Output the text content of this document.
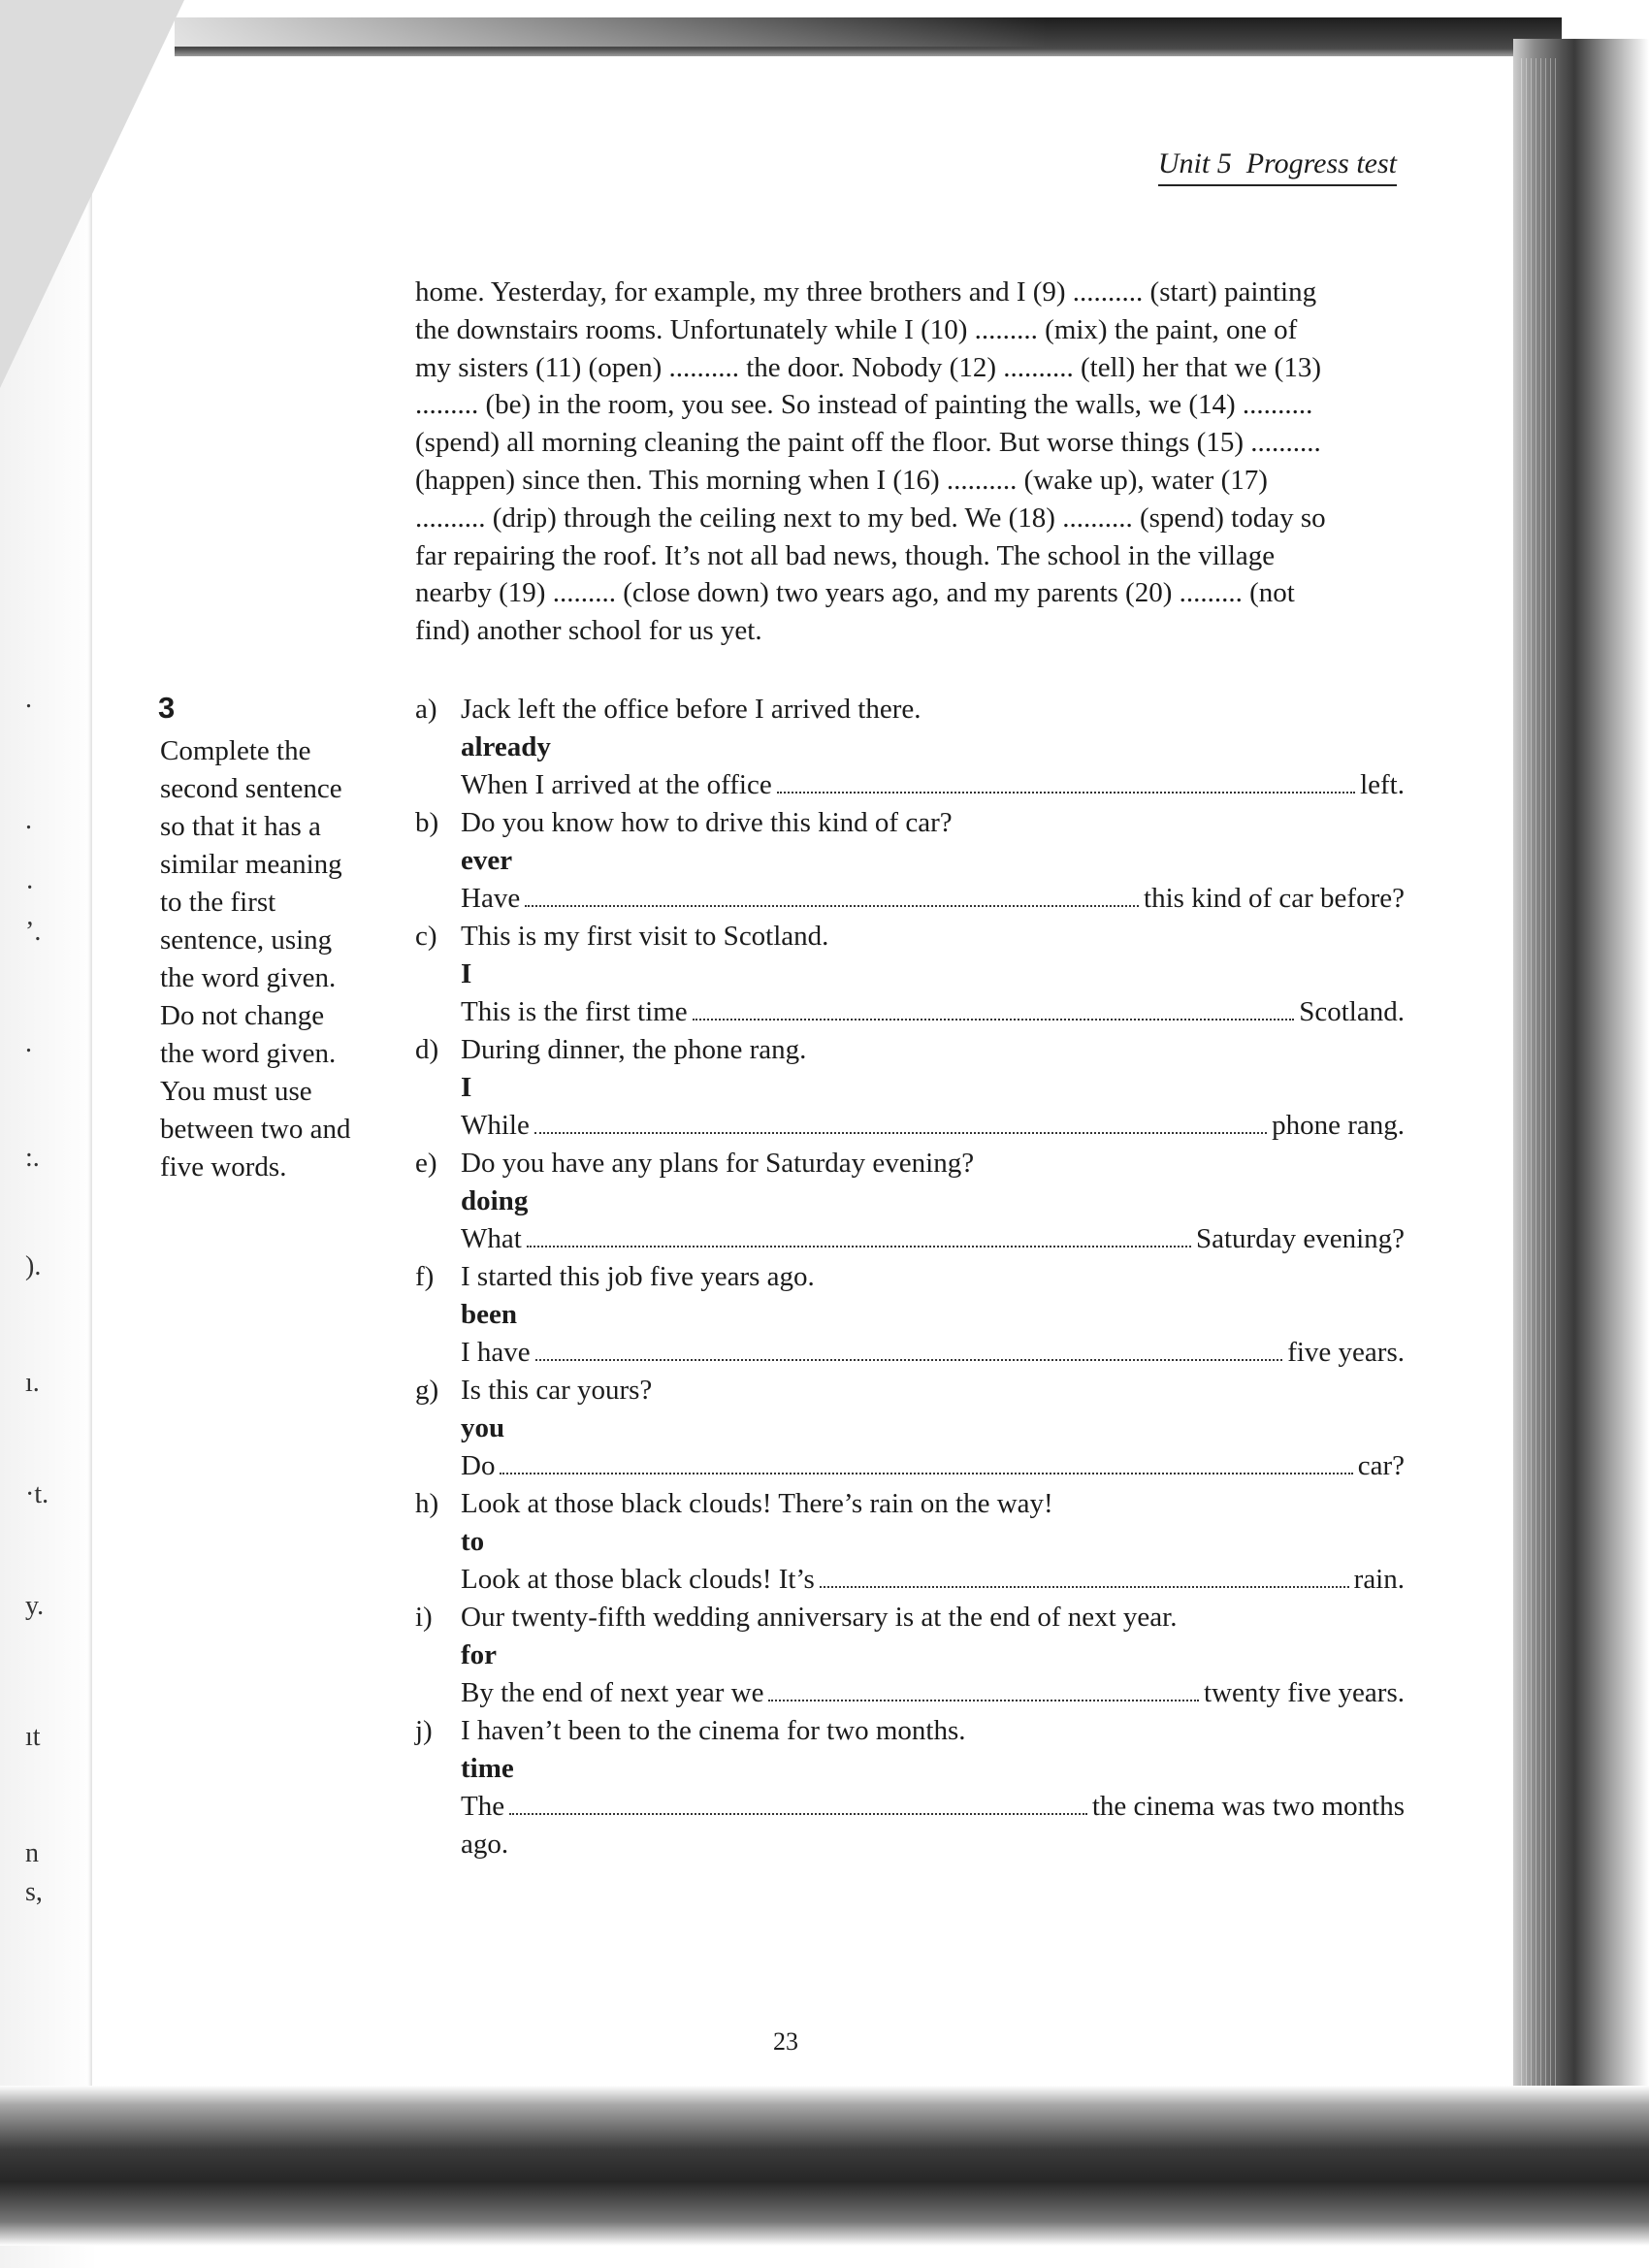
.
.
·
’.
.
:.
).
ı.
·t.
y.
ıt
n
s,
Unit 5 Progress test

home. Yesterday, for example, my three brothers and I (9) .......... (start) painting

the downstairs rooms. Unfortunately while I (10) ......... (mix) the paint, one of

my sisters (11) (open) .......... the door. Nobody (12) .......... (tell) her that we (13)

......... (be) in the room, you see. So instead of painting the walls, we (14) ..........

(spend) all morning cleaning the paint off the floor. But worse things (15) ..........

(happen) since then. This morning when I (16) .......... (wake up), water (17)

.......... (drip) through the ceiling next to my bed. We (18) .......... (spend) today so

far repairing the roof. It’s not all bad news, though. The school in the village

nearby (19) ......... (close down) two years ago, and my parents (20) ......... (not

find) another school for us yet.

3
Complete the
second sentence
so that it has a
similar meaning
to the first
sentence, using
the word given.
Do not change
the word given.
You must use
between two and
five words.
a) Jack left the office before I arrived there.
already
When I arrived at the office	left.
b) Do you know how to drive this kind of car?
ever
Have	this kind of car before?
c) This is my first visit to Scotland.
I
This is the first time	Scotland.
d) During dinner, the phone rang.
I
While	phone rang.
e) Do you have any plans for Saturday evening?
doing
What	Saturday evening?
f) I started this job five years ago.
been
I have	five years.
g) Is this car yours?
you
Do	car?
h) Look at those black clouds! There’s rain on the way!
to
Look at those black clouds! It’s	rain.
i)	Our twenty-fifth wedding anniversary is at the end of next year.
for
By the end of next year we	twenty five years.
j)	I haven’t been to the cinema for two months.
time
The	the cinema was two months
ago.
23
